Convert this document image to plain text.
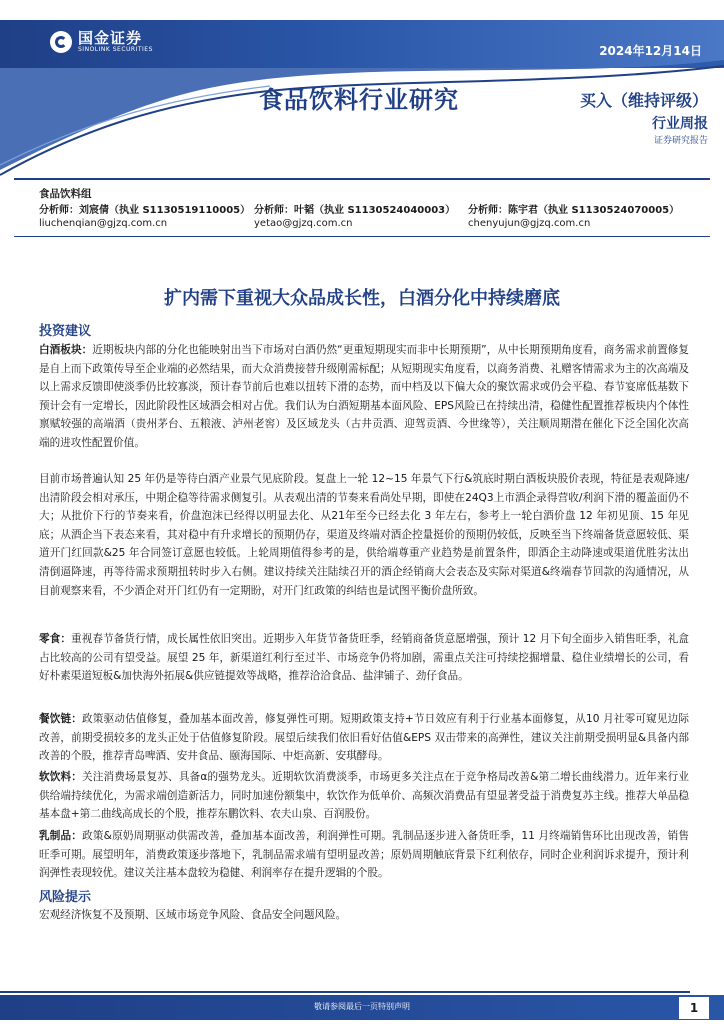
国金证券
SINOLINK SECURITIES	2024年12月14日
食品饮料行业研究	买入（维持评级）
行业周报
证券研究报告
食品饮料组
分析师：刘宸倩（执业 S1130519110005） 分析师：叶韬（执业 S1130524040003） 分析师：陈宇君（执业 S1130524070005）
liuchenqian@gjzq.com.cn	yetao@gjzq.com.cn	chenyujun@gjzq.com.cn
扩内需下重视大众品成长性，白酒分化中持续磨底
投资建议
白酒板块：近期板块内部的分化也能映射出当下市场对白酒仍然“更重短期现实而非中长期预期”，从中长期预期角度看，商务需求前置修复是自上而下政策传导至企业端的必然结果，而大众消费接替升级刚需标配；从短期现实角度看，以商务消费、礼赠客情需求为主的次高端及以上需求反馈即使淡季仍比较寡淡，预计春节前后也难以扭转下滑的态势，而中档及以下偏大众的聚饮需求或仍会平稳、春节宴席低基数下预计会有一定增长，因此阶段性区域酒会相对占优。我们认为白酒短期基本面风险、EPS风险已在持续出清，稳健性配置推荐板块内个体性禀赋较强的高端酒（贵州茅台、五粮液、泸州老窖）及区域龙头（古井贡酒、迎驾贡酒、今世缘等），关注顺周期潜在催化下泛全国化次高端的进攻性配置价值。
目前市场普遍认知 25 年仍是等待白酒产业景气见底阶段。复盘上一轮 12~15 年景气下行&筑底时期白酒板块股价表现，特征是表观降速/出清阶段会相对承压，中期企稳等待需求侧复引。从表观出清的节奏来看尚处早期，即使在24Q3上市酒企录得营收/利润下滑的覆盖面仍不大；从批价下行的节奏来看，价盘泡沫已经得以明显去化、从21年至今已经去化 3 年左右，参考上一轮白酒价盘 12 年初见顶、15 年见底；从酒企当下表态来看，其对稳中有升求增长的预期仍存，渠道及终端对酒企控量挺价的预期仍较低，反映至当下终端备货意愿较低、渠道开门红回款&25 年合同签订意愿也较低。上轮周期值得参考的是，供给端尊重产业趋势是前置条件，即酒企主动降速或渠道优胜劣汰出清倒逼降速，再等待需求预期扭转时步入右侧。建议持续关注陆续召开的酒企经销商大会表态及实际对渠道&终端春节回款的沟通情况，从目前观察来看，不少酒企对开门红仍有一定期盼，对开门红政策的纠结也是试图平衡价盘所致。
零食：重视春节备货行情，成长属性依旧突出。近期步入年货节备货旺季，经销商备货意愿增强，预计 12 月下旬全面步入销售旺季，礼盒占比较高的公司有望受益。展望 25 年，新渠道红利行至过半、市场竞争仍将加剧，需重点关注可持续挖掘增量、稳住业绩增长的公司，看好朴素渠道短板&加快海外拓展&供应链提效等战略，推荐洽洽食品、盐津铺子、劲仔食品。
餐饮链：政策驱动估值修复，叠加基本面改善，修复弹性可期。短期政策支持+节日效应有利于行业基本面修复，从10 月社零可窥见边际改善，前期受损较多的龙头正处于估值修复阶段。展望后续我们依旧看好估值&EPS 双击带来的高弹性，建议关注前期受损明显&具备内部改善的个股，推荐青岛啤酒、安井食品、颐海国际、中炬高新、安琪酵母。
软饮料：关注消费场景复苏、具备α的强势龙头。近期软饮消费淡季，市场更多关注点在于竞争格局改善&第二增长曲线潜力。近年来行业供给端持续优化，为需求端创造新活力，同时加速份额集中，软饮作为低单价、高频次消费品有望显著受益于消费复苏主线。推荐大单品稳基本盘+第二曲线高成长的个股，推荐东鹏饮料、农夫山泉、百润股份。
乳制品：政策&原奶周期驱动供需改善，叠加基本面改善，利润弹性可期。乳制品逐步进入备货旺季，11 月终端销售环比出现改善，销售旺季可期。展望明年，消费政策逐步落地下，乳制品需求端有望明显改善；原奶周期触底背景下红利依存，同时企业利润诉求提升，预计利润弹性表现较优。建议关注基本盘较为稳健、利润率存在提升逻辑的个股。
风险提示
宏观经济恢复不及预期、区域市场竞争风险、食品安全问题风险。
敬请参阅最后一页特别声明	1
